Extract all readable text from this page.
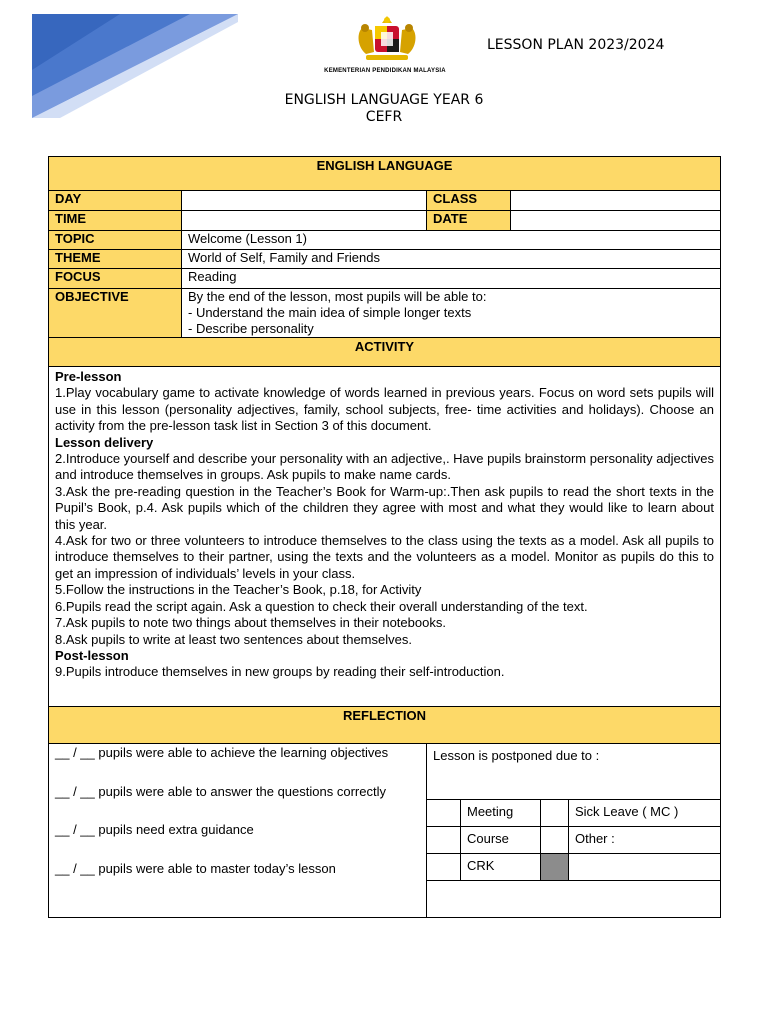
KEMENTERIAN PENDIDIKAN MALAYSIA
LESSON PLAN 2023/2024
ENGLISH LANGUAGE YEAR 6
CEFR
ENGLISH LANGUAGE
DAY	CLASS
TIME	DATE
TOPIC	Welcome (Lesson 1)
THEME	World of Self, Family and Friends
FOCUS	Reading
OBJECTIVE	By the end of the lesson, most pupils will be able to:
- Understand the main idea of simple longer texts
- Describe personality
ACTIVITY
Pre-lesson
1.Play vocabulary game to activate knowledge of words learned in previous years. Focus on word sets pupils will use in this lesson (personality adjectives, family, school subjects, free- time activities and holidays). Choose an activity from the pre-lesson task list in Section 3 of this document.
Lesson delivery
2.Introduce yourself and describe your personality with an adjective,. Have pupils brainstorm personality adjectives and introduce themselves in groups. Ask pupils to make name cards.
3.Ask the pre-reading question in the Teacher’s Book for Warm-up:.Then ask pupils to read the short texts in the Pupil’s Book, p.4. Ask pupils which of the children they agree with most and what they would like to learn about this year.
4.Ask for two or three volunteers to introduce themselves to the class using the texts as a model. Ask all pupils to introduce themselves to their partner, using the texts and the volunteers as a model. Monitor as pupils do this to get an impression of individuals’ levels in your class.
5.Follow the instructions in the Teacher’s Book, p.18, for Activity
6.Pupils read the script again. Ask a question to check their overall understanding of the text.
7.Ask pupils to note two things about themselves in their notebooks.
8.Ask pupils to write at least two sentences about themselves.
Post-lesson
9.Pupils introduce themselves in new groups by reading their self-introduction.
REFLECTION
__ / __ pupils were able to achieve the learning objectives
__ / __ pupils were able to answer the questions correctly
__ / __ pupils need extra guidance
__ / __ pupils were able to master today’s lesson
Lesson is postponed due to :
Meeting	Sick Leave ( MC )
Course	Other :
CRK
